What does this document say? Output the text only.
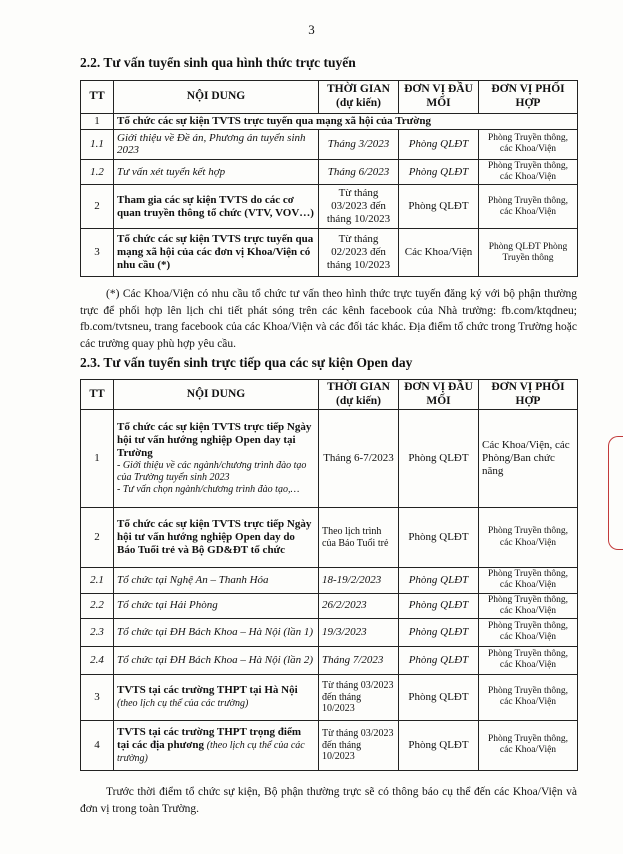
3
2.2. Tư vấn tuyển sinh qua hình thức trực tuyến
TT	NỘI DUNG	THỜI GIAN (dự kiến)	ĐƠN VỊ ĐẦU MỐI	ĐƠN VỊ PHỐI HỢP
1	Tổ chức các sự kiện TVTS trực tuyến qua mạng xã hội của Trường			
1.1	Giới thiệu về Đề án, Phương án tuyển sinh 2023	Tháng 3/2023	Phòng QLĐT	Phòng Truyền thông, các Khoa/Viện
1.2	Tư vấn xét tuyển kết hợp	Tháng 6/2023	Phòng QLĐT	Phòng Truyền thông, các Khoa/Viện
2	Tham gia các sự kiện TVTS do các cơ quan truyền thông tổ chức (VTV, VOV…)	Từ tháng 03/2023 đến tháng 10/2023	Phòng QLĐT	Phòng Truyền thông, các Khoa/Viện
3	Tổ chức các sự kiện TVTS trực tuyến qua mạng xã hội của các đơn vị Khoa/Viện có nhu cầu (*)	Từ tháng 02/2023 đến tháng 10/2023	Các Khoa/Viện	Phòng QLĐT Phòng Truyền thông
(*) Các Khoa/Viện có nhu cầu tổ chức tư vấn theo hình thức trực tuyến đăng ký với bộ phận thường trực để phối hợp lên lịch chi tiết phát sóng trên các kênh facebook của Nhà trường: fb.com/ktqdneu; fb.com/tvtsneu, trang facebook của các Khoa/Viện và các đối tác khác. Địa điểm tổ chức trong Trường hoặc các trường quay phù hợp yêu cầu.
2.3. Tư vấn tuyển sinh trực tiếp qua các sự kiện Open day
TT	NỘI DUNG	THỜI GIAN (dự kiến)	ĐƠN VỊ ĐẦU MỐI	ĐƠN VỊ PHỐI HỢP
1	Tổ chức các sự kiện TVTS trực tiếp Ngày hội tư vấn hướng nghiệp Open day tại Trường
- Giới thiệu về các ngành/chương trình đào tạo của Trường tuyển sinh 2023
- Tư vấn chọn ngành/chương trình đào tạo,…	Tháng 6-7/2023	Phòng QLĐT	Các Khoa/Viện, các Phòng/Ban chức năng
2	Tổ chức các sự kiện TVTS trực tiếp Ngày hội tư vấn hướng nghiệp Open day do Báo Tuổi trẻ và Bộ GD&ĐT tổ chức	Theo lịch trình của Báo Tuổi trẻ	Phòng QLĐT	Phòng Truyền thông, các Khoa/Viện
2.1	Tổ chức tại Nghệ An – Thanh Hóa	18-19/2/2023	Phòng QLĐT	Phòng Truyền thông, các Khoa/Viện
2.2	Tổ chức tại Hải Phòng	26/2/2023	Phòng QLĐT	Phòng Truyền thông, các Khoa/Viện
2.3	Tổ chức tại ĐH Bách Khoa – Hà Nội (lần 1)	19/3/2023	Phòng QLĐT	Phòng Truyền thông, các Khoa/Viện
2.4	Tổ chức tại ĐH Bách Khoa – Hà Nội (lần 2)	Tháng 7/2023	Phòng QLĐT	Phòng Truyền thông, các Khoa/Viện
3	TVTS tại các trường THPT tại Hà Nội
(theo lịch cụ thể của các trường)	Từ tháng 03/2023 đến tháng 10/2023	Phòng QLĐT	Phòng Truyền thông, các Khoa/Viện
4	TVTS tại các trường THPT trọng điểm tại các địa phương (theo lịch cụ thể của các trường)	Từ tháng 03/2023 đến tháng 10/2023	Phòng QLĐT	Phòng Truyền thông, các Khoa/Viện
Trước thời điểm tổ chức sự kiện, Bộ phận thường trực sẽ có thông báo cụ thể đến các Khoa/Viện và đơn vị trong toàn Trường.
